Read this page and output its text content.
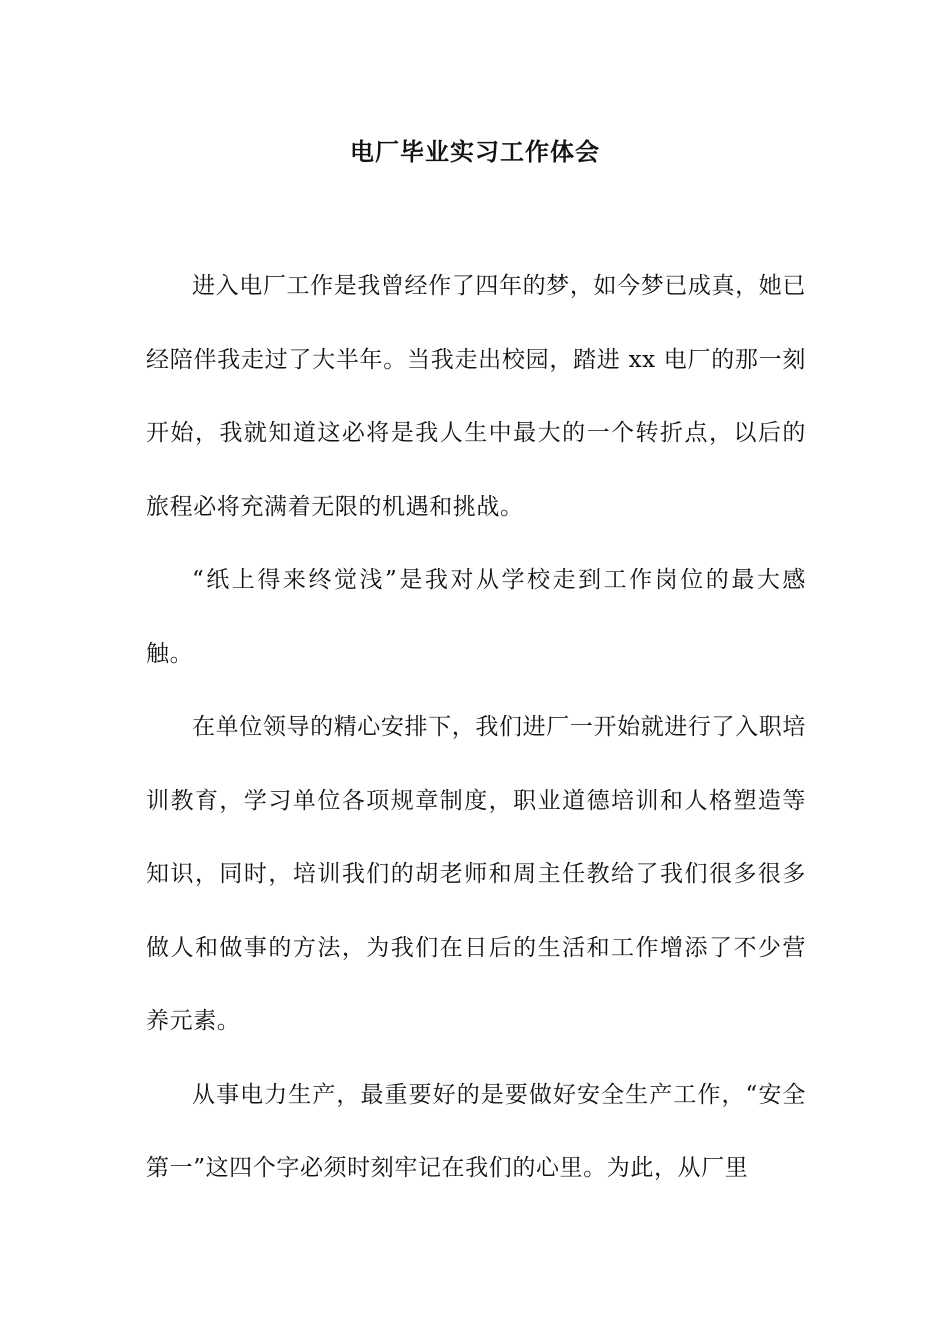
电厂毕业实习工作体会

进入电厂工作是我曾经作了四年的梦，如今梦已成真，她已经陪伴我走过了大半年。当我走出校园，踏进 xx 电厂的那一刻开始，我就知道这必将是我人生中最大的一个转折点，以后的旅程必将充满着无限的机遇和挑战。

“纸上得来终觉浅”是我对从学校走到工作岗位的最大感触。

在单位领导的精心安排下，我们进厂一开始就进行了入职培训教育，学习单位各项规章制度，职业道德培训和人格塑造等知识，同时，培训我们的胡老师和周主任教给了我们很多很多做人和做事的方法，为我们在日后的生活和工作增添了不少营养元素。

从事电力生产，最重要好的是要做好安全生产工作，“安全第一”这四个字必须时刻牢记在我们的心里。为此，从厂里
